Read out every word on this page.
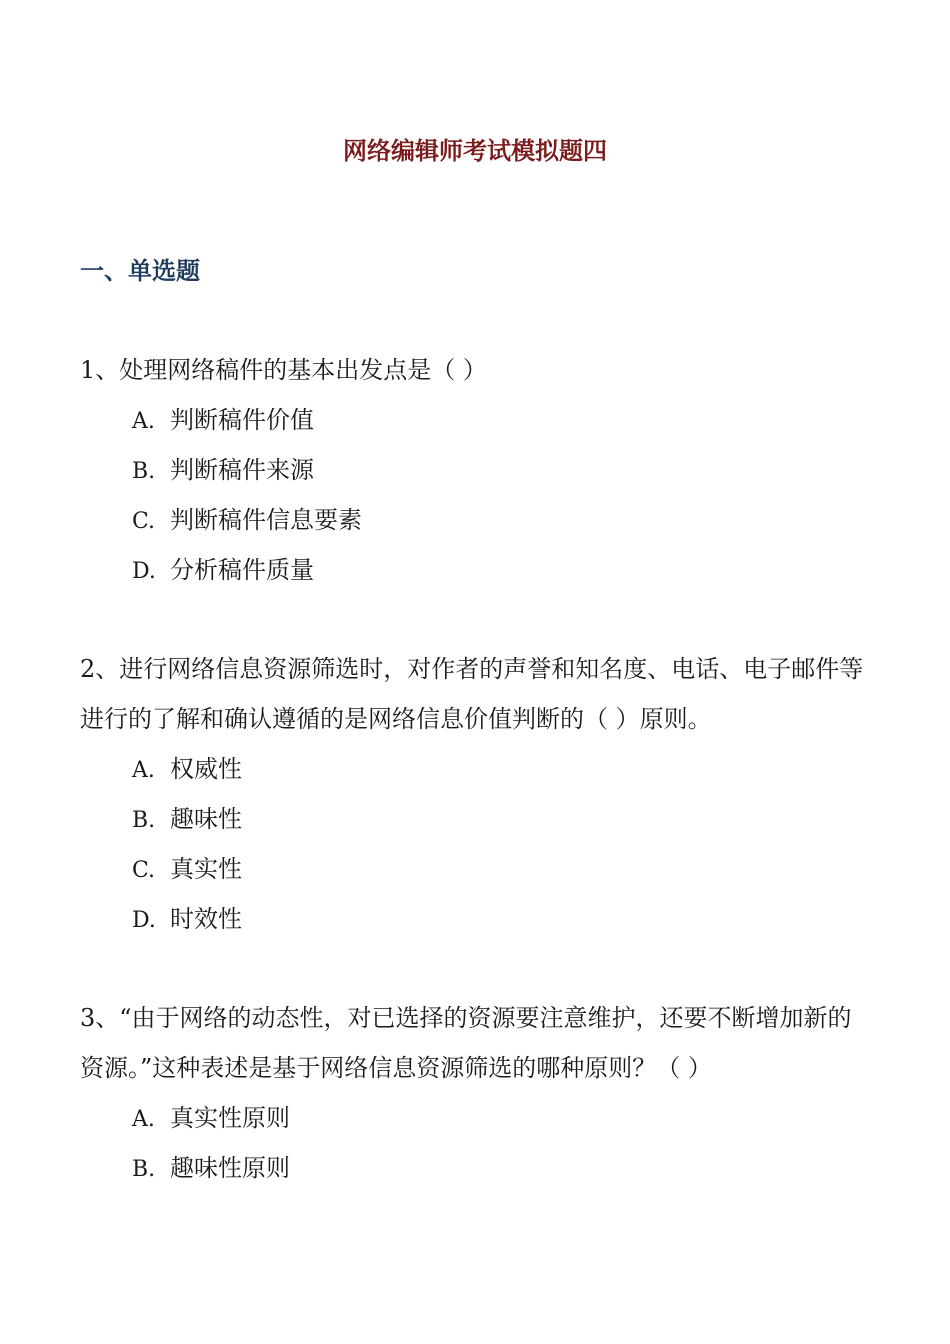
网络编辑师考试模拟题四
一、单选题

1、处理网络稿件的基本出发点是（ ）

A. 判断稿件价值
B. 判断稿件来源
C. 判断稿件信息要素
D. 分析稿件质量

2、进行网络信息资源筛选时，对作者的声誉和知名度、电话、电子邮件等进行的了解和确认遵循的是网络信息价值判断的（ ）原则。

A. 权威性
B. 趣味性
C. 真实性
D. 时效性

3、“由于网络的动态性，对已选择的资源要注意维护，还要不断增加新的资源。”这种表述是基于网络信息资源筛选的哪种原则？（ ）

A. 真实性原则
B. 趣味性原则
